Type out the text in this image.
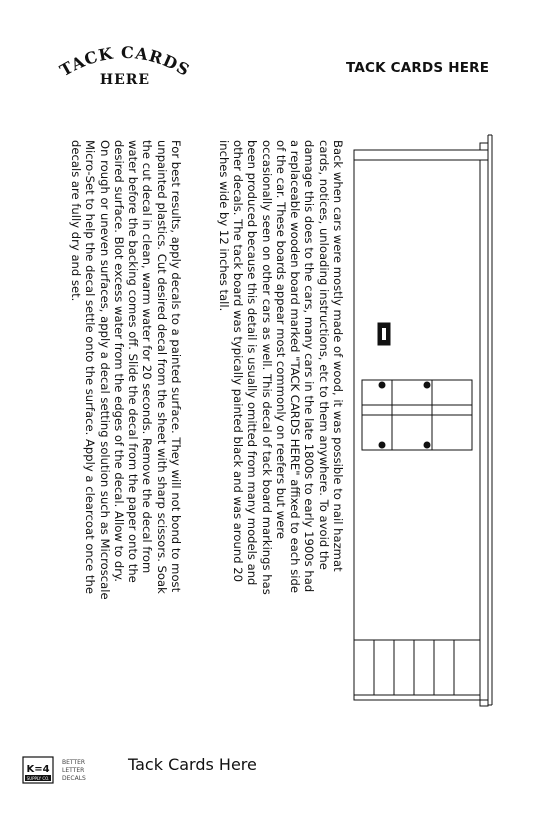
TACK CARDS
HERE
TACK CARDS HERE
Back when cars were mostly made of wood, it was possible to nail hazmat cards, notices, unloading instructions, etc to them anywhere. To avoid the damage this does to the cars, many cars in the late 1800s to early 1900s had a replaceable wooden board marked "TACK CARDS HERE" affixed to each side of the car. These boards appear most commonly on reefers but were occasionally seen on other cars as well. This decal of tack board markings has been produced because this detail is usually omitted from many models and other decals. The tack board was typically painted black and was around 20 inches wide by 12 inches tall.
For best results, apply decals to a painted surface. They will not bond to most unpainted plastics. Cut desired decal from the sheet with sharp scissors. Soak the cut decal in clean, warm water for 20 seconds. Remove the decal from water before the backing comes off. Slide the decal from the paper onto the desired surface. Blot excess water from the edges of the decal. Allow to dry. On rough or uneven surfaces, apply a decal setting solution such as Microscale Micro-Set to help the decal settle onto the surface. Apply a clearcoat once the decals are fully dry and set.
K=4
SUPPLY CO.
BETTER
LETTER
DECALS
Tack Cards Here
